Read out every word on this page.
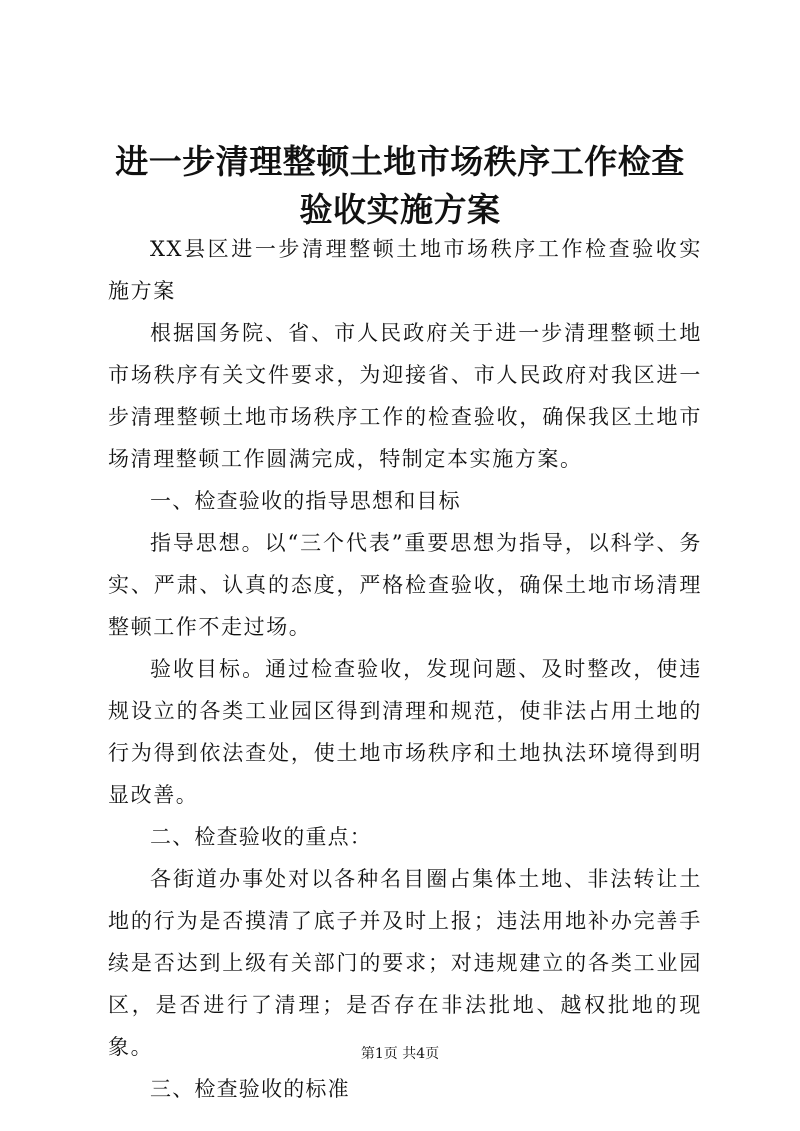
进一步清理整顿土地市场秩序工作检查验收实施方案

XX县区进一步清理整顿土地市场秩序工作检查验收实施方案

根据国务院、省、市人民政府关于进一步清理整顿土地市场秩序有关文件要求，为迎接省、市人民政府对我区进一步清理整顿土地市场秩序工作的检查验收，确保我区土地市场清理整顿工作圆满完成，特制定本实施方案。

一、检查验收的指导思想和目标

指导思想。以“三个代表”重要思想为指导，以科学、务实、严肃、认真的态度，严格检查验收，确保土地市场清理整顿工作不走过场。

验收目标。通过检查验收，发现问题、及时整改，使违规设立的各类工业园区得到清理和规范，使非法占用土地的行为得到依法查处，使土地市场秩序和土地执法环境得到明显改善。

二、检查验收的重点：

各街道办事处对以各种名目圈占集体土地、非法转让土地的行为是否摸清了底子并及时上报；违法用地补办完善手续是否达到上级有关部门的要求；对违规建立的各类工业园区，是否进行了清理；是否存在非法批地、越权批地的现象。

三、检查验收的标准

第1页 共4页
